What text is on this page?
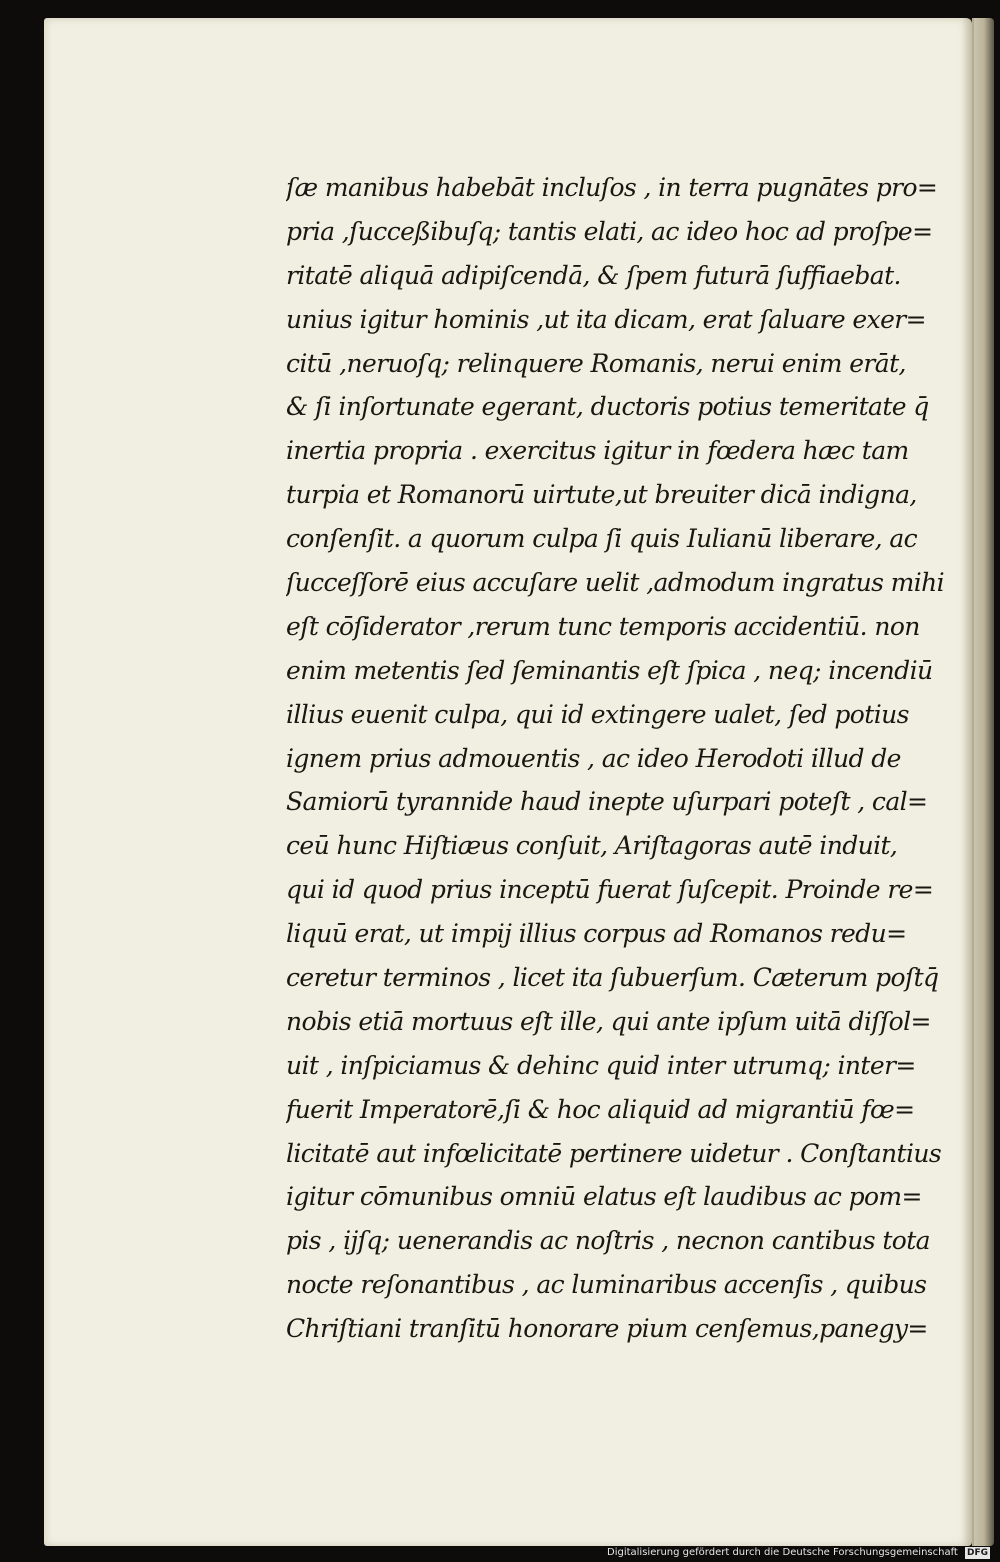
ſæ manibus habebāt incluſos , in terra pugnātes pro=
pria ,ſucceßibuſq; tantis elati, ac ideo hoc ad proſpe=
ritatē aliquā adipiſcendā, & ſpem futurā ſuffiaebat.
unius igitur hominis ,ut ita dicam, erat ſaluare exer=
citū ,neruoſq; relinquere Romanis, nerui enim erāt,
& ſi inſortunate egerant, ductoris potius temeritate q̄
inertia propria . exercitus igitur in fœdera hæc tam
turpia et Romanorū uirtute,ut breuiter dicā indigna,
conſenſit. a quorum culpa ſi quis Iulianū liberare, ac
ſucceſſorē eius accuſare uelit ,admodum ingratus mihi
eſt cōſiderator ,rerum tunc temporis accidentiū. non
enim metentis ſed ſeminantis eſt ſpica , neq; incendiū
illius euenit culpa, qui id extingere ualet, ſed potius
ignem prius admouentis , ac ideo Herodoti illud de
Samiorū tyrannide haud inepte uſurpari poteſt , cal=
ceū hunc Hiſtiæus conſuit, Ariſtagoras autē induit,
qui id quod prius inceptū fuerat ſuſcepit. Proinde re=
liquū erat, ut impij illius corpus ad Romanos redu=
ceretur terminos , licet ita ſubuerſum. Cæterum poſtq̄
nobis etiā mortuus eſt ille, qui ante ipſum uitā diſſol=
uit , inſpiciamus & dehinc quid inter utrumq; inter=
fuerit Imperatorē,ſi & hoc aliquid ad migrantiū fœ=
licitatē aut infœlicitatē pertinere uidetur . Conſtantius
igitur cōmunibus omniū elatus eſt laudibus ac pom=
pis , ijſq; uenerandis ac noſtris , necnon cantibus tota
nocte reſonantibus , ac luminaribus accenſis , quibus
Chriſtiani tranſitū honorare pium cenſemus,panegy=
Digitalisierung gefördert durch die Deutsche Forschungsgemeinschaft DFG
